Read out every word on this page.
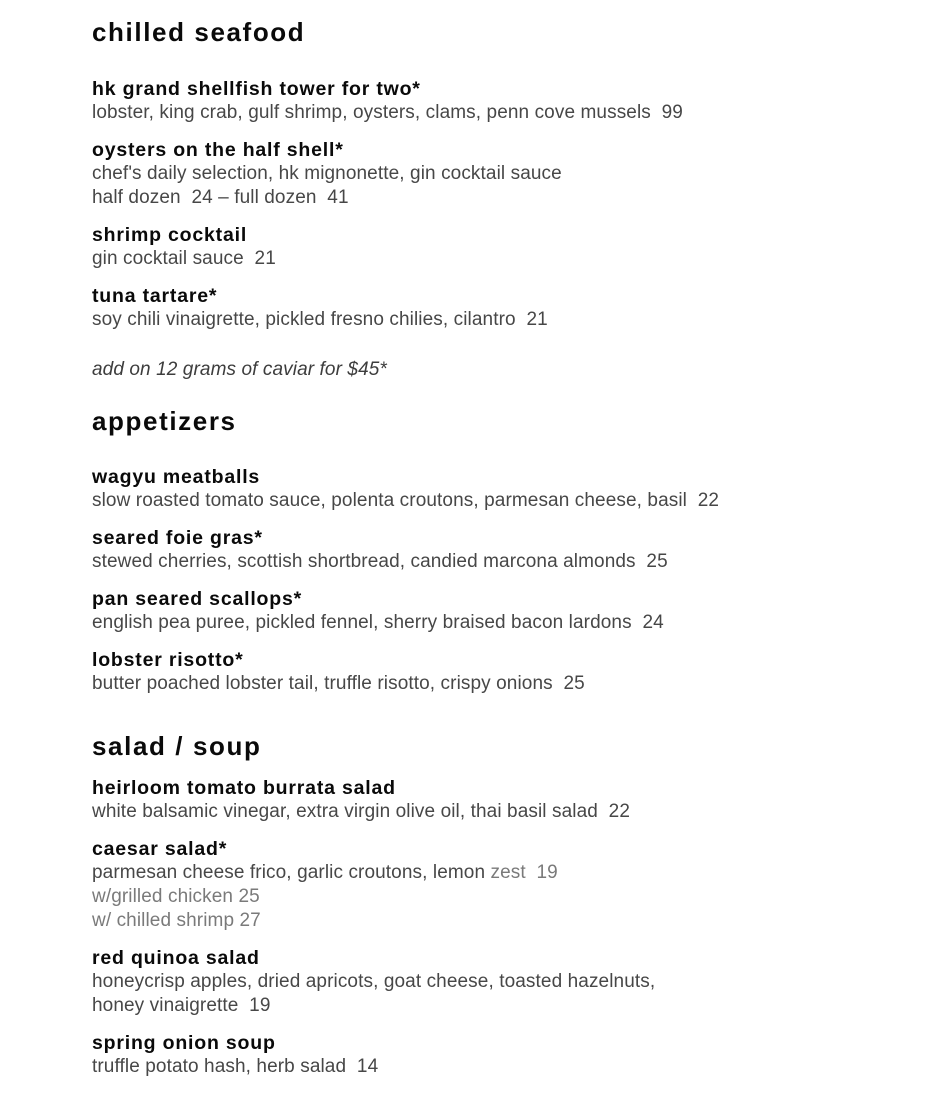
chilled seafood
hk grand shellfish tower for two*
lobster, king crab, gulf shrimp, oysters, clams, penn cove mussels  99
oysters on the half shell*
chef's daily selection, hk mignonette, gin cocktail sauce
half dozen  24 – full dozen  41
shrimp cocktail
gin cocktail sauce  21
tuna tartare*
soy chili vinaigrette, pickled fresno chilies, cilantro  21

add on 12 grams of caviar for $45*

appetizers
wagyu meatballs
slow roasted tomato sauce, polenta croutons, parmesan cheese, basil  22
seared foie gras*
stewed cherries, scottish shortbread, candied marcona almonds  25
pan seared scallops*
english pea puree, pickled fennel, sherry braised bacon lardons  24
lobster risotto*
butter poached lobster tail, truffle risotto, crispy onions  25
salad / soup
heirloom tomato burrata salad
white balsamic vinegar, extra virgin olive oil, thai basil salad  22
caesar salad*
parmesan cheese frico, garlic croutons, lemon zest  19
w/grilled chicken 25
w/ chilled shrimp 27
red quinoa salad
honeycrisp apples, dried apricots, goat cheese, toasted hazelnuts,
honey vinaigrette  19
spring onion soup
truffle potato hash, herb salad  14
